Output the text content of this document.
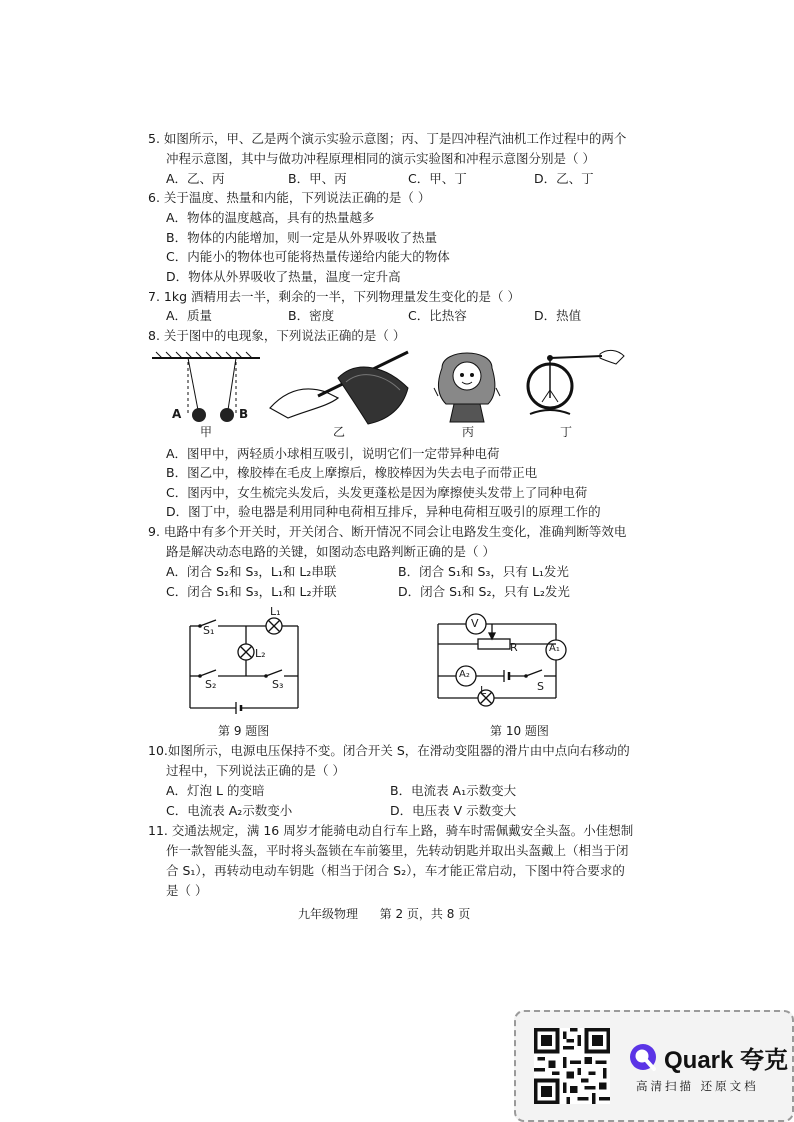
5. 如图所示，甲、乙是两个演示实验示意图；丙、丁是四冲程汽油机工作过程中的两个
冲程示意图，其中与做功冲程原理相同的演示实验图和冲程示意图分别是（ ）
A．乙、丙	B．甲、丙	C．甲、丁	D．乙、丁
6. 关于温度、热量和内能，下列说法正确的是（ ）
A．物体的温度越高，具有的热量越多
B．物体的内能增加，则一定是从外界吸收了热量
C．内能小的物体也可能将热量传递给内能大的物体
D．物体从外界吸收了热量，温度一定升高
7. 1kg 酒精用去一半，剩余的一半，下列物理量发生变化的是（ ）
A．质量	B．密度	C．比热容	D．热值
8. 关于图中的电现象，下列说法正确的是（ ）
A	B
甲	乙	丙	丁
A．图甲中，两轻质小球相互吸引，说明它们一定带异种电荷
B．图乙中，橡胶棒在毛皮上摩擦后，橡胶棒因为失去电子而带正电
C．图丙中，女生梳完头发后，头发更蓬松是因为摩擦使头发带上了同种电荷
D．图丁中，验电器是利用同种电荷相互排斥，异种电荷相互吸引的原理工作的
9. 电路中有多个开关时，开关闭合、断开情况不同会让电路发生变化，准确判断等效电
路是解决动态电路的关键，如图动态电路判断正确的是（ ）
A．闭合 S₂和 S₃，L₁和 L₂串联	B．闭合 S₁和 S₃，只有 L₁发光
C．闭合 S₁和 S₃，L₁和 L₂并联	D．闭合 S₁和 S₂，只有 L₂发光
S₁
L₁
L₂
S₂	S₃
第 9 题图
V
R	A₁
A₂
L	S
第 10 题图
10.如图所示，电源电压保持不变。闭合开关 S，在滑动变阻器的滑片由中点向右移动的
过程中，下列说法正确的是（ ）
A．灯泡 L 的变暗	B．电流表 A₁示数变大
C．电流表 A₂示数变小	D．电压表 V 示数变大
11. 交通法规定，满 16 周岁才能骑电动自行车上路，骑车时需佩戴安全头盔。小佳想制
作一款智能头盔，平时将头盔锁在车前篓里，先转动钥匙并取出头盔戴上（相当于闭
合 S₁），再转动电动车钥匙（相当于闭合 S₂），车才能正常启动，下图中符合要求的
是（ ）
九年级物理 第 2 页，共 8 页
Quark 夸克
高清扫描 还原文档
